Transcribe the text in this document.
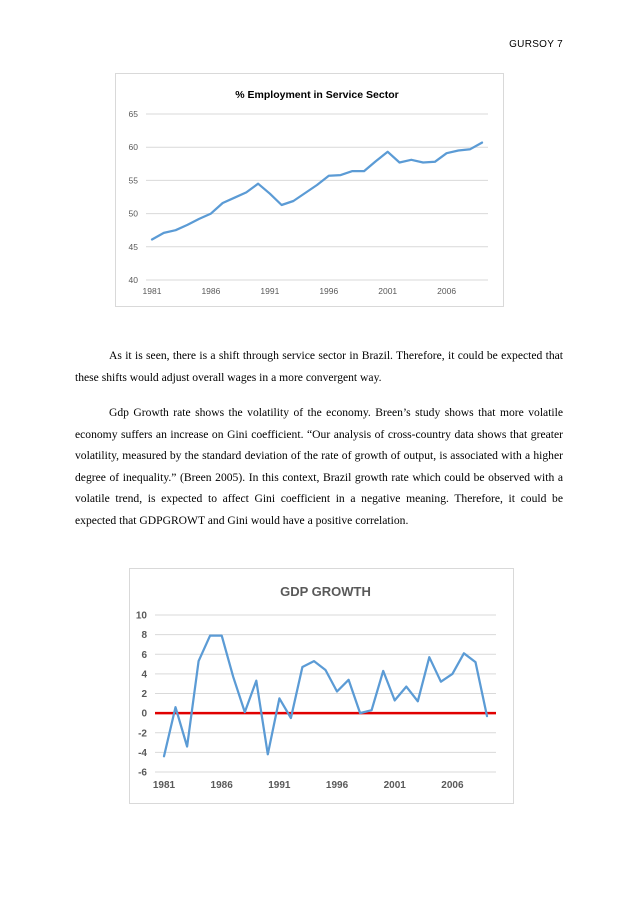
GURSOY 7
% Employment in Service Sector
40
45
50
55
60
65
1981	1986	1991	1996	2001	2006

As it is seen, there is a shift through service sector in Brazil. Therefore, it could be expected that these shifts would adjust overall wages in a more convergent way.

Gdp Growth rate shows the volatility of the economy. Breen’s study shows that more volatile economy suffers an increase on Gini coefficient. “Our analysis of cross-country data shows that greater volatility, measured by the standard deviation of the rate of growth of output, is associated with a higher degree of inequality.” (Breen 2005). In this context, Brazil growth rate which could be observed with a volatile trend, is expected to affect Gini coefficient in a negative meaning. Therefore, it could be expected that GDPGROWT and Gini would have a positive correlation.

GDP GROWTH
-6
-4
-2
0
2
4
6
8
10
1981	1986	1991	1996	2001	2006
